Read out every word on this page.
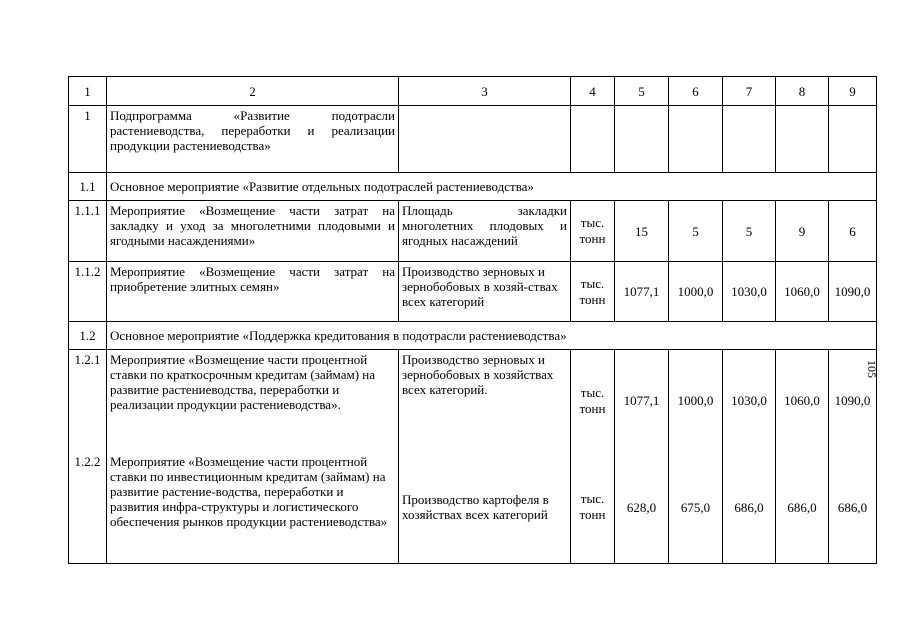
1	2	3	4	5	6	7	8	9
1	Подпрограмма «Развитие подотрасли растениеводства, переработки и реализации продукции растениеводства»							
1.1	Основное мероприятие «Развитие отдельных подотраслей растениеводства»							
1.1.1	Мероприятие «Возмещение части затрат на закладку и уход за многолетними плодовыми и ягодными насаждениями»	Площадь закладки многолетних плодовых и ягодных насаждений	тыс. тонн	15	5	5	9	6
1.1.2	Мероприятие «Возмещение части затрат на приобретение элитных семян»	Производство зерновых и зернобобовых в хозяй-ствах всех категорий	тыс. тонн	1077,1	1000,0	1030,0	1060,0	1090,0
1.2	Основное мероприятие «Поддержка кредитования в подотрасли растениеводства»							
1.2.1	Мероприятие «Возмещение части процентной ставки по краткосрочным кредитам (займам) на развитие растениеводства, переработки и реализации продукции растениеводства».	Производство зерновых и зернобобовых в хозяйствах всех категорий.	тыс. тонн	1077,1	1000,0	1030,0	1060,0	1090,0
1.2.2	Мероприятие «Возмещение части процентной ставки по инвестиционным кредитам (займам) на развитие растение-водства, переработки и развития инфра-структуры и логистического обеспечения рынков продукции растениеводства»	Производство картофеля в хозяйствах всех категорий	тыс. тонн	628,0	675,0	686,0	686,0	686,0
105
